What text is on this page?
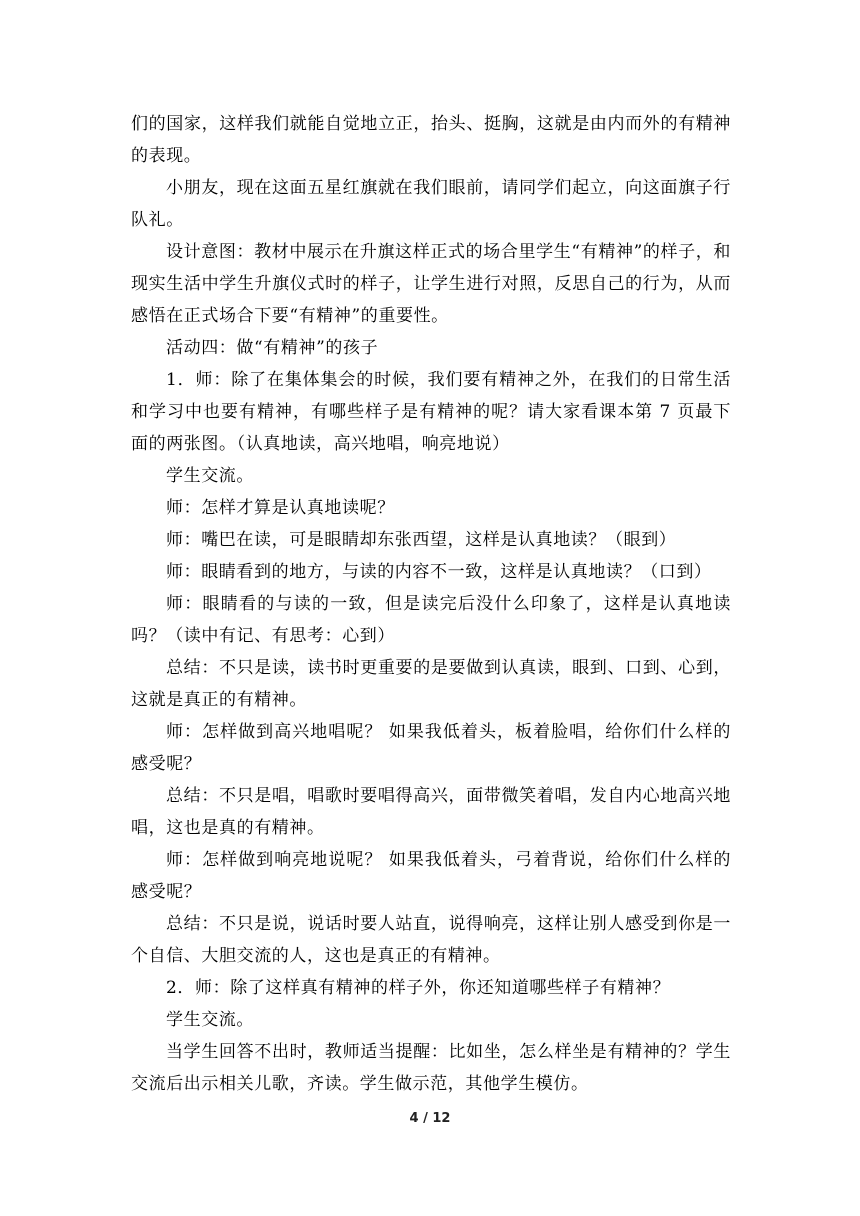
们的国家，这样我们就能自觉地立正，抬头、挺胸，这就是由内而外的有精神的表现。

小朋友，现在这面五星红旗就在我们眼前，请同学们起立，向这面旗子行队礼。

设计意图：教材中展示在升旗这样正式的场合里学生“有精神”的样子，和现实生活中学生升旗仪式时的样子，让学生进行对照，反思自己的行为，从而感悟在正式场合下要“有精神”的重要性。

活动四：做“有精神”的孩子

1．师：除了在集体集会的时候，我们要有精神之外，在我们的日常生活和学习中也要有精神，有哪些样子是有精神的呢？请大家看课本第 7 页最下面的两张图。（认真地读，高兴地唱，响亮地说）

学生交流。

师：怎样才算是认真地读呢？

师：嘴巴在读，可是眼睛却东张西望，这样是认真地读？（眼到）

师：眼睛看到的地方，与读的内容不一致，这样是认真地读？（口到）

师：眼睛看的与读的一致，但是读完后没什么印象了，这样是认真地读吗？（读中有记、有思考：心到）

总结：不只是读，读书时更重要的是要做到认真读，眼到、口到、心到，这就是真正的有精神。

师：怎样做到高兴地唱呢？ 如果我低着头，板着脸唱，给你们什么样的感受呢？

总结：不只是唱，唱歌时要唱得高兴，面带微笑着唱，发自内心地高兴地唱，这也是真的有精神。

师：怎样做到响亮地说呢？ 如果我低着头，弓着背说，给你们什么样的感受呢？

总结：不只是说，说话时要人站直，说得响亮，这样让别人感受到你是一个自信、大胆交流的人，这也是真正的有精神。

2．师：除了这样真有精神的样子外，你还知道哪些样子有精神？

学生交流。

当学生回答不出时，教师适当提醒：比如坐，怎么样坐是有精神的？学生交流后出示相关儿歌，齐读。学生做示范，其他学生模仿。

4 / 12
